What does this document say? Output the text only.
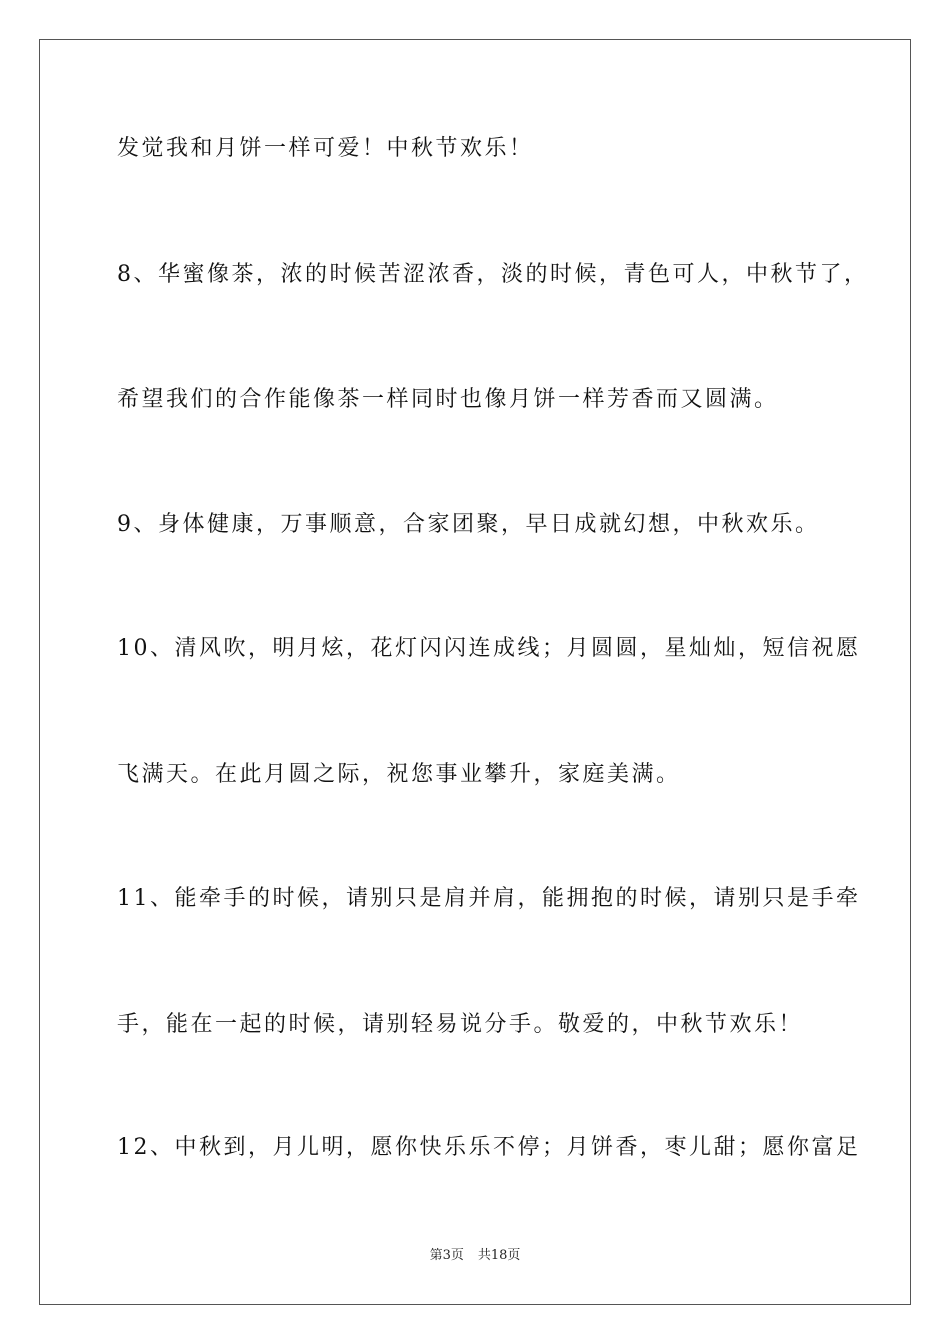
发觉我和月饼一样可爱！中秋节欢乐！
8、华蜜像茶，浓的时候苦涩浓香，淡的时候，青色可人，中秋节了，
希望我们的合作能像茶一样同时也像月饼一样芳香而又圆满。
9、身体健康，万事顺意，合家团聚，早日成就幻想，中秋欢乐。
10、清风吹，明月炫，花灯闪闪连成线；月圆圆，星灿灿，短信祝愿
飞满天。在此月圆之际，祝您事业攀升，家庭美满。
11、能牵手的时候，请别只是肩并肩，能拥抱的时候，请别只是手牵
手，能在一起的时候，请别轻易说分手。敬爱的，中秋节欢乐！
12、中秋到，月儿明，愿你快乐乐不停；月饼香，枣儿甜；愿你富足
第3页 共18页
